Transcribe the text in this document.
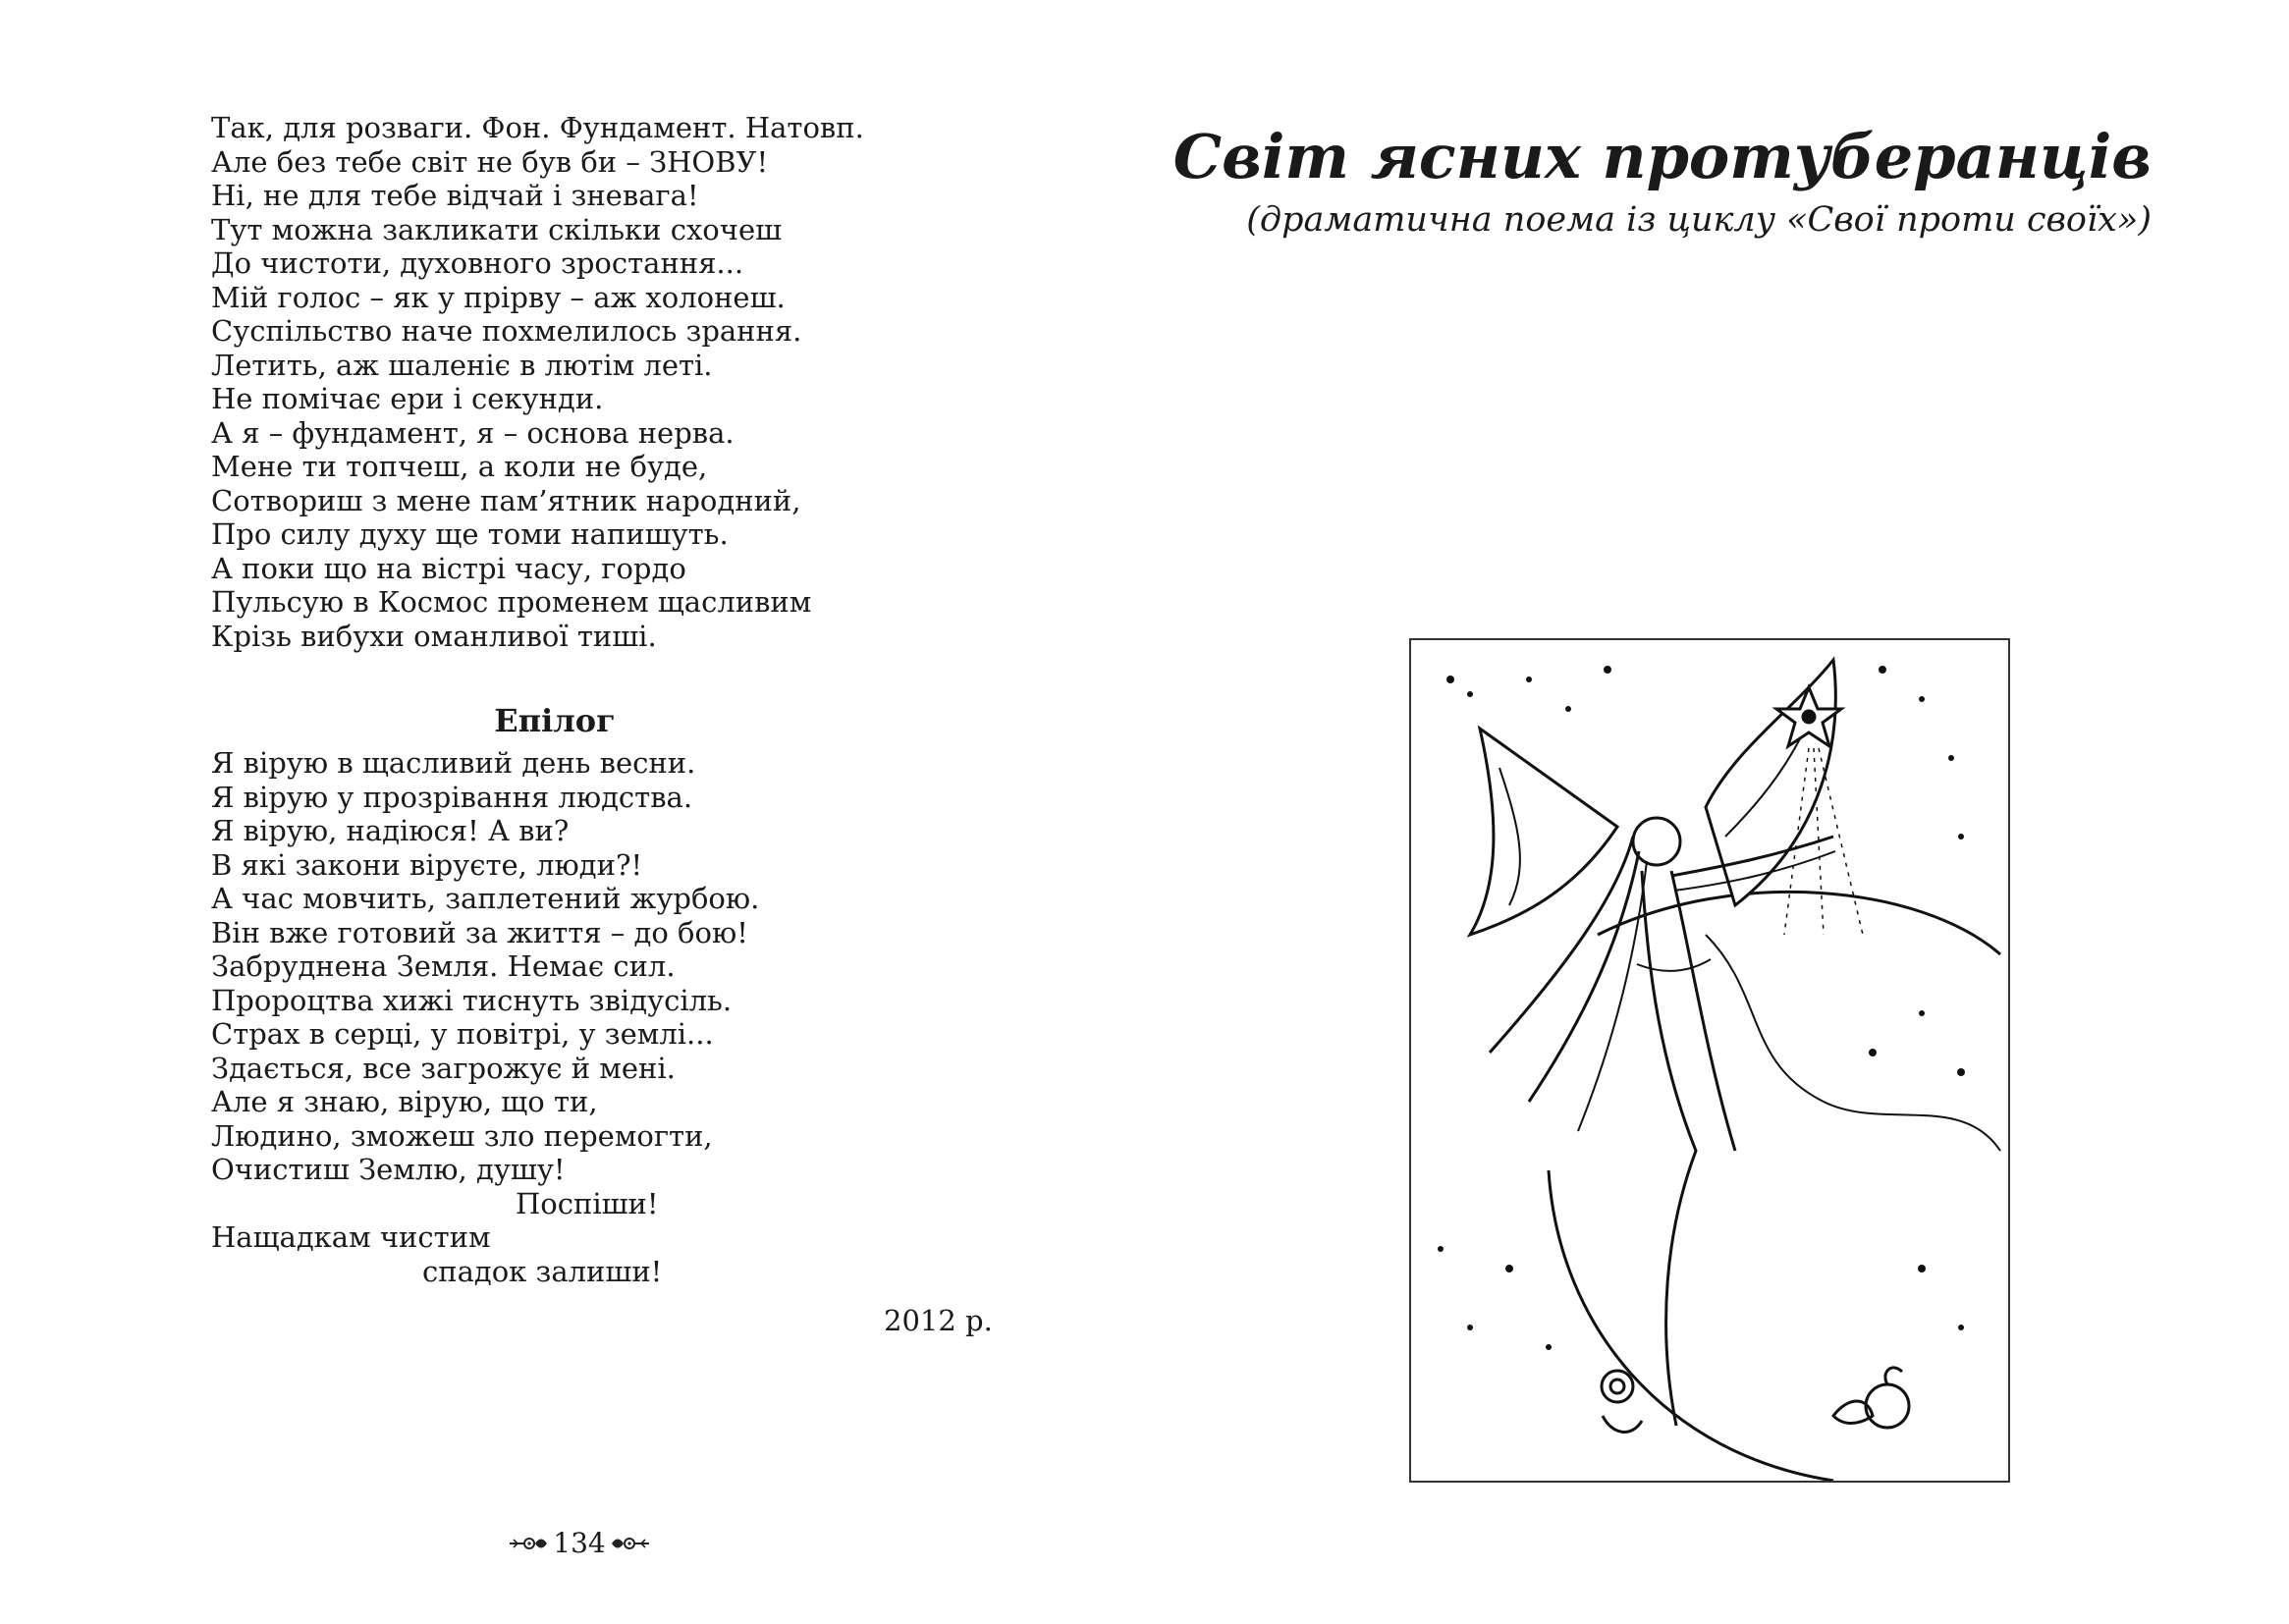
Так, для розваги. Фон. Фундамент. Натовп.
Але без тебе світ не був би – ЗНОВУ!
Ні, не для тебе відчай і зневага!
Тут можна закликати скільки схочеш
До чистоти, духовного зростання...
Мій голос – як у прірву – аж холонеш.
Суспільство наче похмелилось зрання.
Летить, аж шаленіє в лютім леті.
Не помічає ери і секунди.
А я – фундамент, я – основа нерва.
Мене ти топчеш, а коли не буде,
Сотвориш з мене пам’ятник народний,
Про силу духу ще томи напишуть.
А поки що на вістрі часу, гордо
Пульсую в Космос променем щасливим
Крізь вибухи оманливої тиші.
Епілог
Я вірую в щасливий день весни.
Я вірую у прозрівання людства.
Я вірую, надіюся! А ви?
В які закони віруєте, люди?!
А час мовчить, заплетений журбою.
Він вже готовий за життя – до бою!
Забруднена Земля. Немає сил.
Пророцтва хижі тиснуть звідусіль.
Страх в серці, у повітрі, у землі...
Здається, все загрожує й мені.
Але я знаю, вірую, що ти,
Людино, зможеш зло перемогти,
Очистиш Землю, душу!
Поспіши!
Нащадкам чистим
спадок залиши!
2012 р.
134
Світ ясних протуберанців

(драматична поема із циклу «Свої проти своїх»)
